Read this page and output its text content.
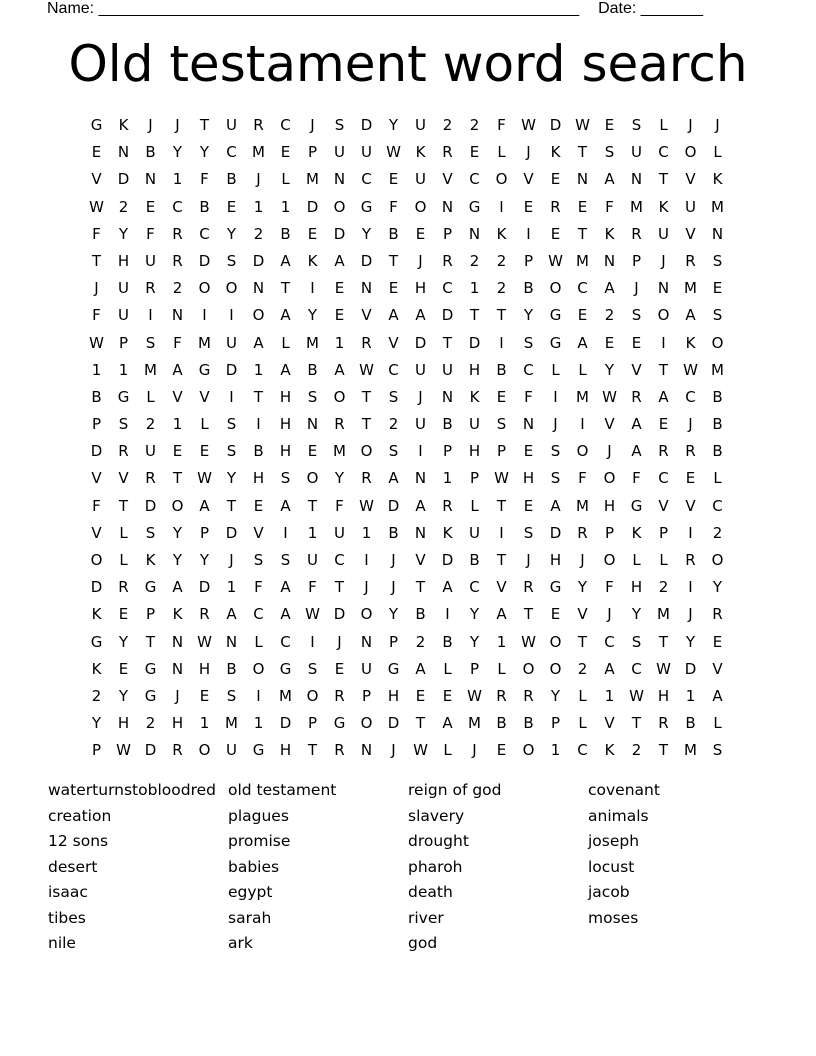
Name: ______________________________________________________ Date: _______
Old testament word search
G	K	J	J	T	U	R	C	J	S	D	Y	U	2	2	F	W D W E	S	L	J	J
E	N	B	Y	Y	C	M	E	P	U	U W K	R	E	L	J	K	T	S	U	C	O	L
V	D	N	1	F	B	J	L	M N	C	E	U	V	C	O	V	E	N	A	N	T	V	K
W 2	E	C	B	E	1	1	D	O	G	F	O	N	G	I	E	R	E	F	M	K	U	M
F	Y	F	R	C	Y	2	B	E	D	Y	B	E	P	N	K	I	E	T	K	R	U	V	N
T	H	U	R	D	S	D	A	K	A	D	T	J	R	2	2	P	W M N	P	J	R	S
J	U	R	2	O	O	N	T	I	E	N	E	H	C	1	2	B	O	C	A	J	N M	E
F	U	I	N	I	I	O	A	Y	E	V	A	A	D	T	T	Y	G	E	2	S	O	A	S
W	P	S	F	M	U	A	L	M	1	R	V	D	T	D	I	S	G	A	E	E	I	K	O
1	1	M	A	G	D	1	A	B	A W C	U	U	H	B	C	L	L	Y	V	T	W M
B	G	L	V	V	I	T	H	S	O	T	S	J	N	K	E	F	I	M W R	A	C	B
P	S	2	1	L	S	I	H	N	R	T	2	U	B	U	S	N	J	I	V	A	E	J	B
D	R	U	E	E	S	B	H	E	M O	S	I	P	H	P	E	S	O	J	A	R	R	B
V	V	R	T	W Y	H	S	O	Y	R	A	N	1	P	W H	S	F	O	F	C	E	L
F	T	D	O	A	T	E	A	T	F	W D	A	R	L	T	E	A	M H	G	V	V	C
V	L	S	Y	P	D	V	I	1	U	1	B	N	K	U	I	S	D	R	P	K	P	I	2
O	L	K	Y	Y	J	S	S	U	C	I	J	V	D	B	T	J	H	J	O	L	L	R	O
D	R	G	A	D	1	F	A	F	T	J	J	T	A	C	V	R	G	Y	F	H	2	I	Y
K	E	P	K	R	A	C	A W D	O	Y	B	I	Y	A	T	E	V	J	Y	M	J	R
G	Y	T	N W N	L	C	I	J	N	P	2	B	Y	1 W O	T	C	S	T	Y	E
K	E	G	N	H	B	O	G	S	E	U	G	A	L	P	L	O	O	2	A	C W D	V
2	Y	G	J	E	S	I	M O	R	P	H	E	E W R	R	Y	L	1 W H	1	A
Y	H	2	H	1	M	1	D	P	G	O	D	T	A	M	B	B	P	L	V	T	R	B	L
P	W D	R	O	U	G	H	T	R	N	J	W	L	J	E	O	1	C	K	2	T	M	S
waterturnstobloodred
creation
12 sons
desert
isaac
tibes
nile
old testament
plagues
promise
babies
egypt
sarah
ark
reign of god
slavery
drought
pharoh
death
river
god
covenant
animals
joseph
locust
jacob
moses
